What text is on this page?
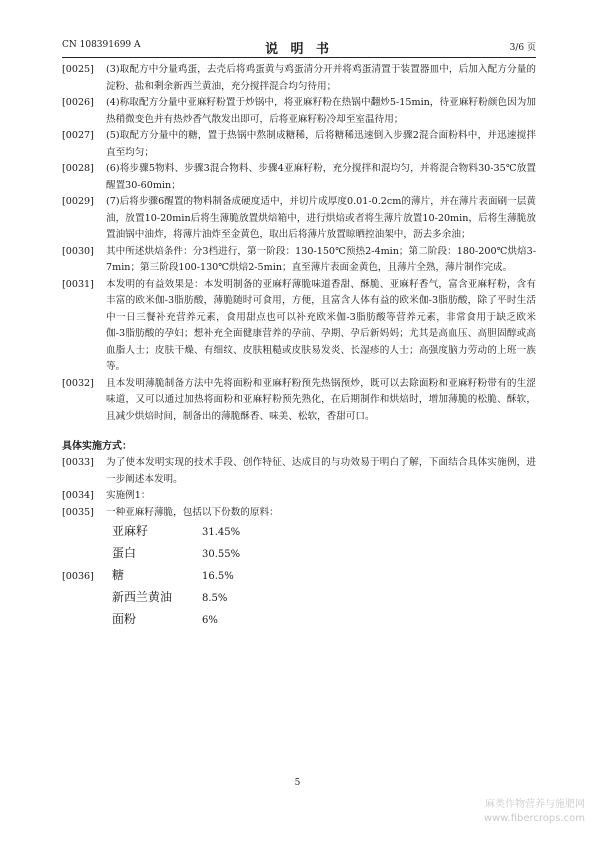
CN 108391699 A	说 明 书	3/6 页
[0025] (3)取配方中分量鸡蛋，去壳后将鸡蛋黄与鸡蛋清分开并将鸡蛋清置于装置器皿中，后加入配方分量的淀粉、盐和剩余新西兰黄油，充分搅拌混合均匀待用；
[0026] (4)称取配方分量中亚麻籽粉置于炒锅中，将亚麻籽粉在热锅中翻炒5-15min，待亚麻籽粉颜色因为加热稍微变色并有热炒香气散发出即可，后将亚麻籽粉冷却至室温待用；
[0027] (5)取配方分量中的糖，置于热锅中熬制成糖稀，后将糖稀迅速倒入步骤2混合面粉料中，并迅速搅拌直至均匀；
[0028] (6)将步骤5物料、步骤3混合物料、步骤4亚麻籽粉，充分搅拌和混均匀，并将混合物料30-35℃放置醒置30-60min；
[0029] (7)后将步骤6醒置的物料制备成硬度适中，并切片成厚度0.01-0.2cm的薄片，并在薄片表面刷一层黄油，放置10-20min后将生薄脆放置烘焙箱中，进行烘焙或者将生薄片放置10-20min，后将生薄脆放置油锅中油炸，将薄片油炸至金黄色，取出后将薄片放置晾晒控油架中，沥去多余油；
[0030] 其中所述烘焙条件：分3档进行，第一阶段：130-150℃预热2-4min；第二阶段：180-200℃烘焙3-7min；第三阶段100-130℃烘焙2-5min；直至薄片表面金黄色，且薄片全熟，薄片制作完成。
[0031] 本发明的有益效果是：本发明制备的亚麻籽薄脆味道香甜、酥脆、亚麻籽香气，富含亚麻籽粉，含有丰富的欧米伽-3脂肪酸，薄脆随时可食用，方便，且富含人体有益的欧米伽-3脂肪酸，除了平时生活中一日三餐补充营养元素，食用甜点也可以补充欧米伽-3脂肪酸等营养元素，非常食用于缺乏欧米伽-3脂肪酸的孕妇；想补充全面健康营养的孕前、孕期、孕后新妈妈；尤其是高血压、高胆固醇或高血脂人士；皮肤干燥、有细纹、皮肤粗糙或皮肤易发炎、长湿疹的人士；高强度脑力劳动的上班一族等。
[0032] 且本发明薄脆制备方法中先将面粉和亚麻籽粉预先热锅预炒，既可以去除面粉和亚麻籽粉带有的生涩味道，又可以通过加热将面粉和亚麻籽粉预先熟化，在后期制作和烘焙时，增加薄脆的松脆、酥软，且减少烘焙时间，制备出的薄脆酥香、味美、松软，香甜可口。
具体实施方式：
[0033] 为了使本发明实现的技术手段、创作特征、达成目的与功效易于明白了解，下面结合具体实施例，进一步阐述本发明。
[0034] 实施例1：
[0035] 一种亚麻籽薄脆，包括以下份数的原料：
亚麻籽	31.45%
蛋白	30.55%
[0036] 糖	16.5%
新西兰黄油	8.5%
面粉	6%
5
麻类作物营养与施肥网
www.fibercrops.com
